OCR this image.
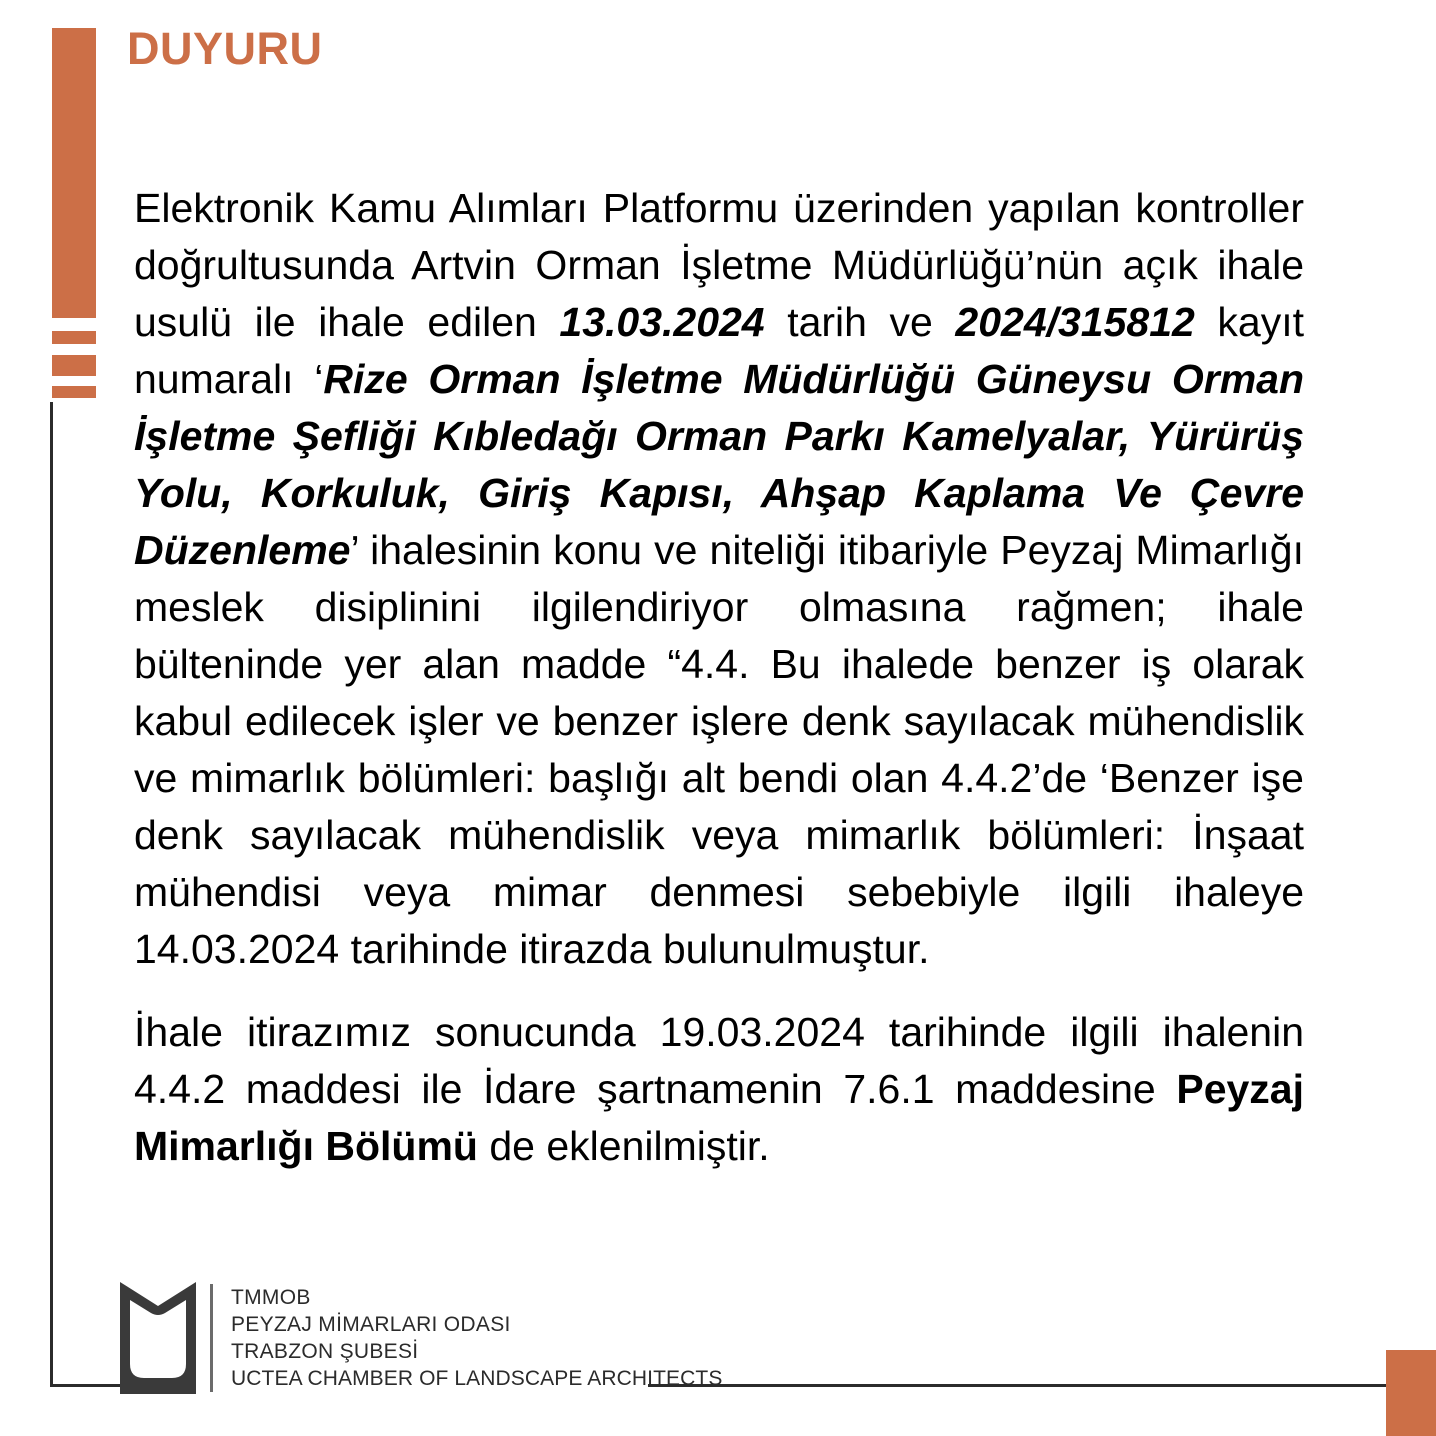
DUYURU

Elektronik Kamu Alımları Platformu üzerinden yapılan kontroller doğrultusunda Artvin Orman İşletme Müdürlüğü’nün açık ihale usulü ile ihale edilen 13.03.2024 tarih ve 2024/315812 kayıt numaralı ‘Rize Orman İşletme Müdürlüğü Güneysu Orman İşletme Şefliği Kıbledağı Orman Parkı Kamelyalar, Yürürüş Yolu, Korkuluk, Giriş Kapısı, Ahşap Kaplama Ve Çevre Düzenleme’ ihalesinin konu ve niteliği itibariyle Peyzaj Mimarlığı meslek disiplinini ilgilendiriyor olmasına rağmen; ihale bülteninde yer alan madde “4.4. Bu ihalede benzer iş olarak kabul edilecek işler ve benzer işlere denk sayılacak mühendislik ve mimarlık bölümleri: başlığı alt bendi olan 4.4.2’de ‘Benzer işe denk sayılacak mühendislik veya mimarlık bölümleri: İnşaat mühendisi veya mimar denmesi sebebiyle ilgili ihaleye 14.03.2024 tarihinde itirazda bulunulmuştur.

İhale itirazımız sonucunda 19.03.2024 tarihinde ilgili ihalenin 4.4.2 maddesi ile İdare şartnamenin 7.6.1 maddesine Peyzaj Mimarlığı Bölümü de eklenilmiştir.

TMMOB
PEYZAJ MİMARLARI ODASI
TRABZON ŞUBESİ
UCTEA CHAMBER OF LANDSCAPE ARCHITECTS
